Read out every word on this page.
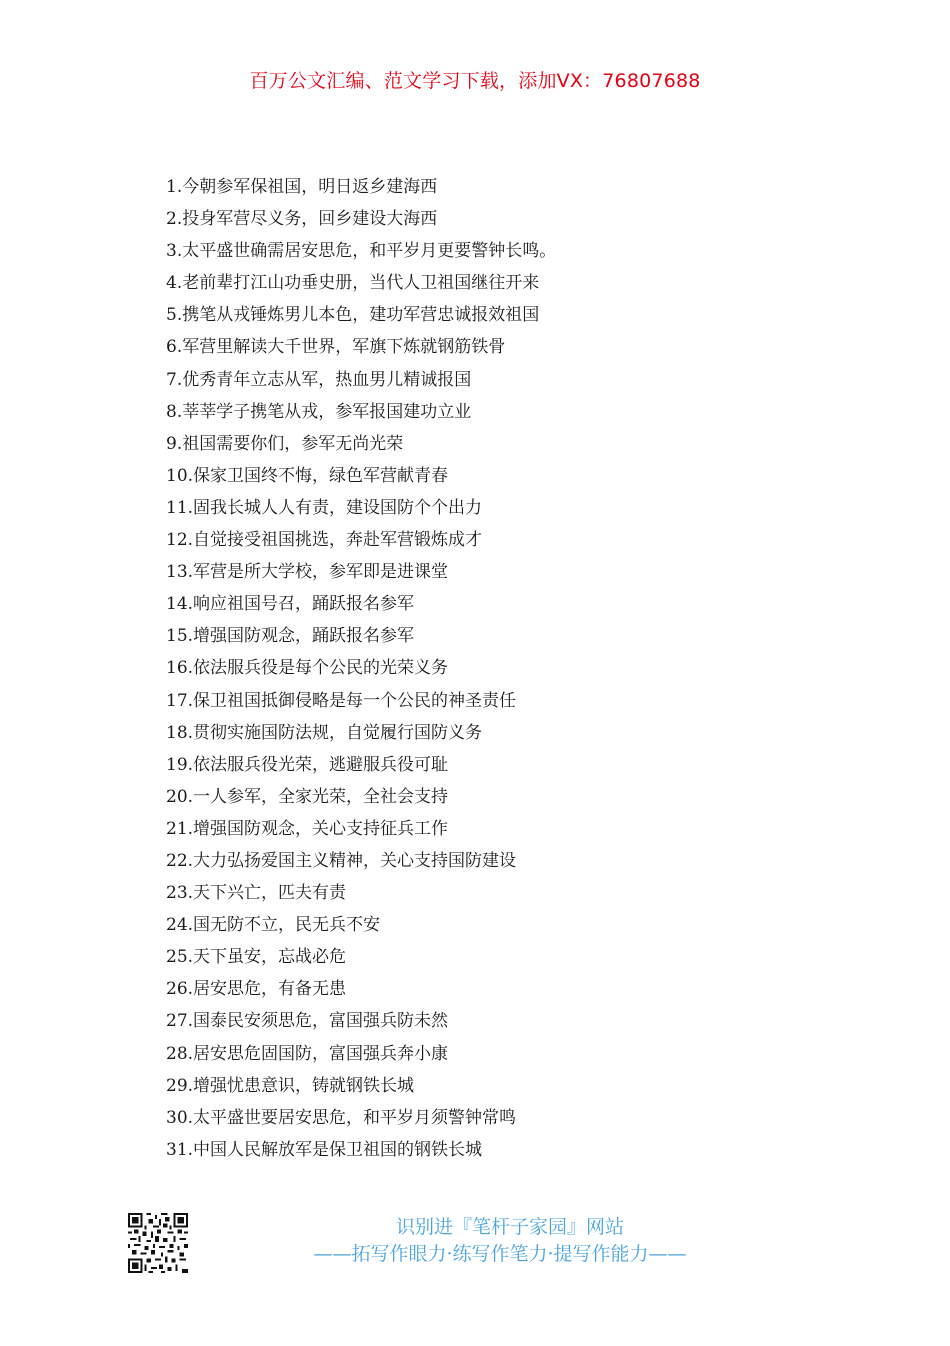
百万公文汇编、范文学习下载，添加VX：76807688
1.今朝参军保祖国，明日返乡建海西
2.投身军营尽义务，回乡建设大海西
3.太平盛世确需居安思危，和平岁月更要警钟长鸣。
4.老前辈打江山功垂史册，当代人卫祖国继往开来
5.携笔从戎锤炼男儿本色，建功军营忠诚报效祖国
6.军营里解读大千世界，军旗下炼就钢筋铁骨
7.优秀青年立志从军，热血男儿精诚报国
8.莘莘学子携笔从戎，参军报国建功立业
9.祖国需要你们，参军无尚光荣
10.保家卫国终不悔，绿色军营献青春
11.固我长城人人有责，建设国防个个出力
12.自觉接受祖国挑选，奔赴军营锻炼成才
13.军营是所大学校，参军即是进课堂
14.响应祖国号召，踊跃报名参军
15.增强国防观念，踊跃报名参军
16.依法服兵役是每个公民的光荣义务
17.保卫祖国抵御侵略是每一个公民的神圣责任
18.贯彻实施国防法规，自觉履行国防义务
19.依法服兵役光荣，逃避服兵役可耻
20.一人参军，全家光荣，全社会支持
21.增强国防观念，关心支持征兵工作
22.大力弘扬爱国主义精神，关心支持国防建设
23.天下兴亡，匹夫有责
24.国无防不立，民无兵不安
25.天下虽安，忘战必危
26.居安思危，有备无患
27.国泰民安须思危，富国强兵防未然
28.居安思危固国防，富国强兵奔小康
29.增强忧患意识，铸就钢铁长城
30.太平盛世要居安思危，和平岁月须警钟常鸣
31.中国人民解放军是保卫祖国的钢铁长城
识别进『笔杆子家园』网站
——拓写作眼力·练写作笔力·提写作能力——
